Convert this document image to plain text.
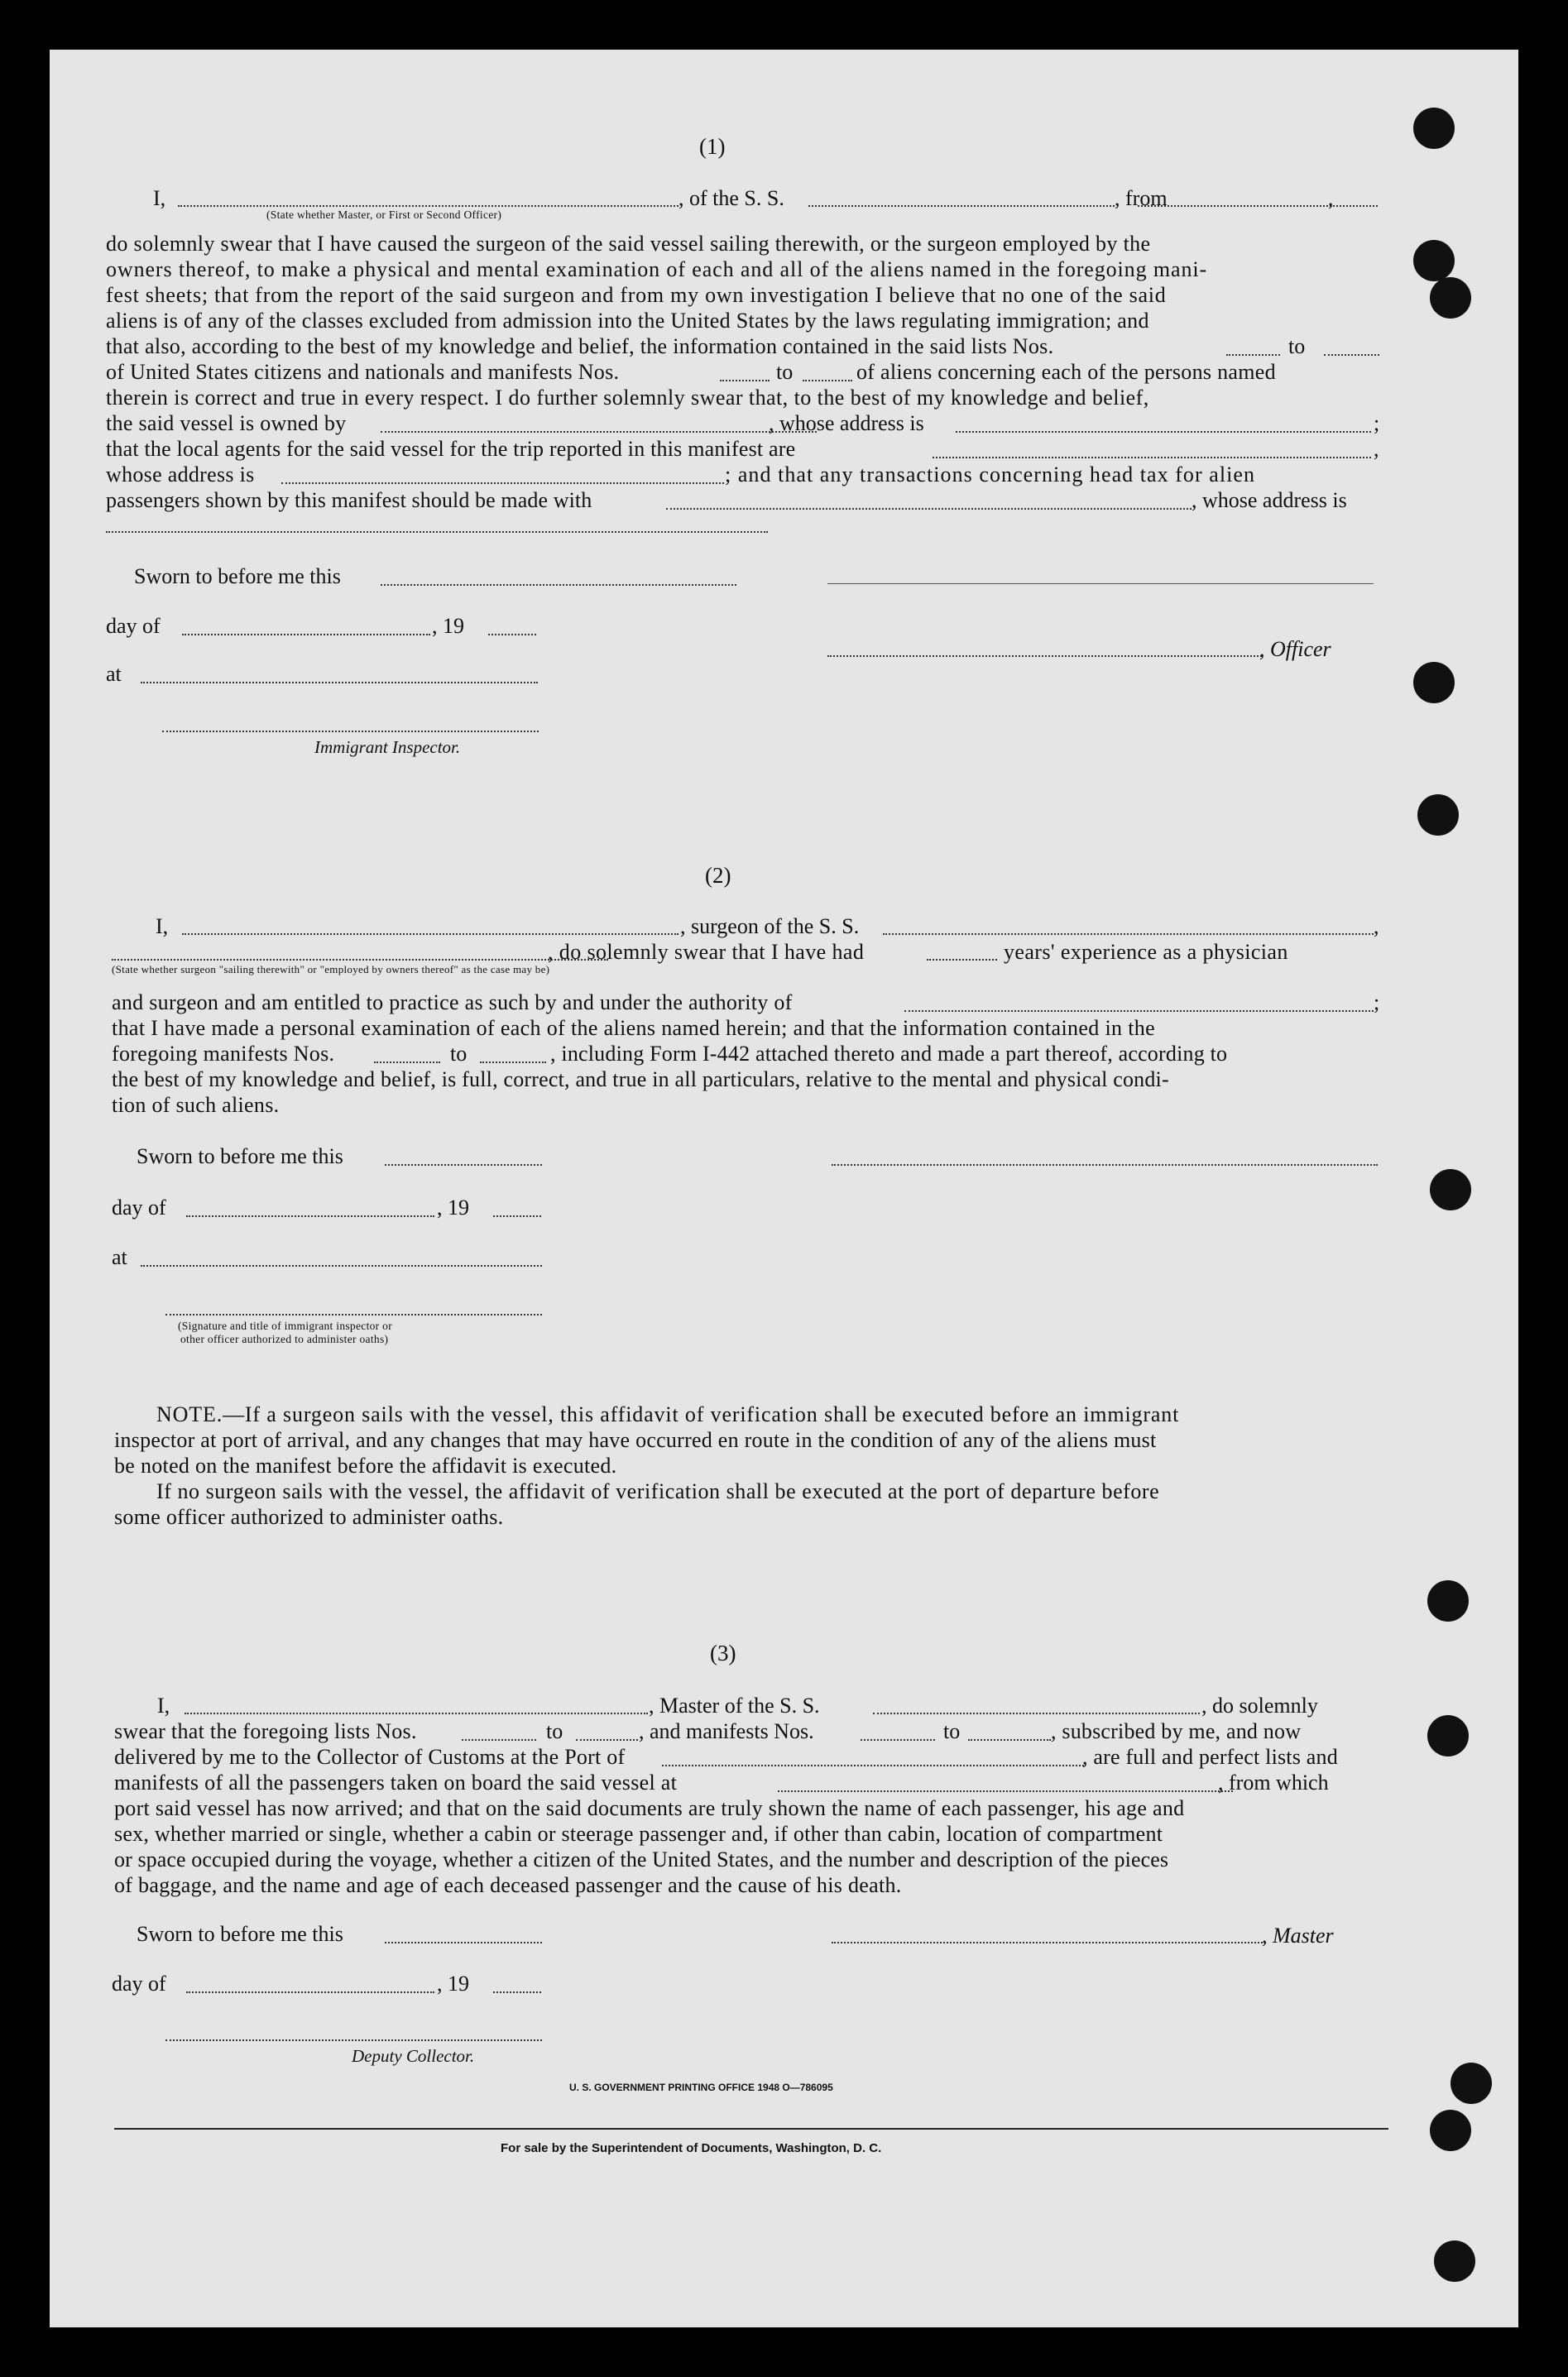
(1)
I,	, of the S. S.	, from	,
(State whether Master, or First or Second Officer)
do solemnly swear that I have caused the surgeon of the said vessel sailing therewith, or the surgeon employed by the
owners thereof, to make a physical and mental examination of each and all of the aliens named in the foregoing mani-
fest sheets; that from the report of the said surgeon and from my own investigation I believe that no one of the said
aliens is of any of the classes excluded from admission into the United States by the laws regulating immigration; and
that also, according to the best of my knowledge and belief, the information contained in the said lists Nos.	to
of United States citizens and nationals and manifests Nos.	to	of aliens concerning each of the persons named
therein is correct and true in every respect. I do further solemnly swear that, to the best of my knowledge and belief,
the said vessel is owned by	, whose address is	;
that the local agents for the said vessel for the trip reported in this manifest are	,
whose address is	; and that any transactions concerning head tax for alien
passengers shown by this manifest should be made with	, whose address is
Sworn to before me this
day of	, 19
, Officer
at
Immigrant Inspector.
(2)
I,	, surgeon of the S. S.	,
, do solemnly swear that I have had	years' experience as a physician
(State whether surgeon "sailing therewith" or "employed by owners thereof" as the case may be)
and surgeon and am entitled to practice as such by and under the authority of	;
that I have made a personal examination of each of the aliens named herein; and that the information contained in the
foregoing manifests Nos.	to	, including Form I-442 attached thereto and made a part thereof, according to
the best of my knowledge and belief, is full, correct, and true in all particulars, relative to the mental and physical condi-
tion of such aliens.
Sworn to before me this
day of	, 19
at
(Signature and title of immigrant inspector or
other officer authorized to administer oaths)
NOTE.—If a surgeon sails with the vessel, this affidavit of verification shall be executed before an immigrant
inspector at port of arrival, and any changes that may have occurred en route in the condition of any of the aliens must
be noted on the manifest before the affidavit is executed.
If no surgeon sails with the vessel, the affidavit of verification shall be executed at the port of departure before
some officer authorized to administer oaths.
(3)
I,	, Master of the S. S.	, do solemnly
swear that the foregoing lists Nos.	to	, and manifests Nos.	to	, subscribed by me, and now
delivered by me to the Collector of Customs at the Port of	, are full and perfect lists and
manifests of all the passengers taken on board the said vessel at	, from which
port said vessel has now arrived; and that on the said documents are truly shown the name of each passenger, his age and
sex, whether married or single, whether a cabin or steerage passenger and, if other than cabin, location of compartment
or space occupied during the voyage, whether a citizen of the United States, and the number and description of the pieces
of baggage, and the name and age of each deceased passenger and the cause of his death.
Sworn to before me this	, Master
day of	, 19
Deputy Collector.
U. S. GOVERNMENT PRINTING OFFICE 1948 O—786095
For sale by the Superintendent of Documents, Washington, D. C.
